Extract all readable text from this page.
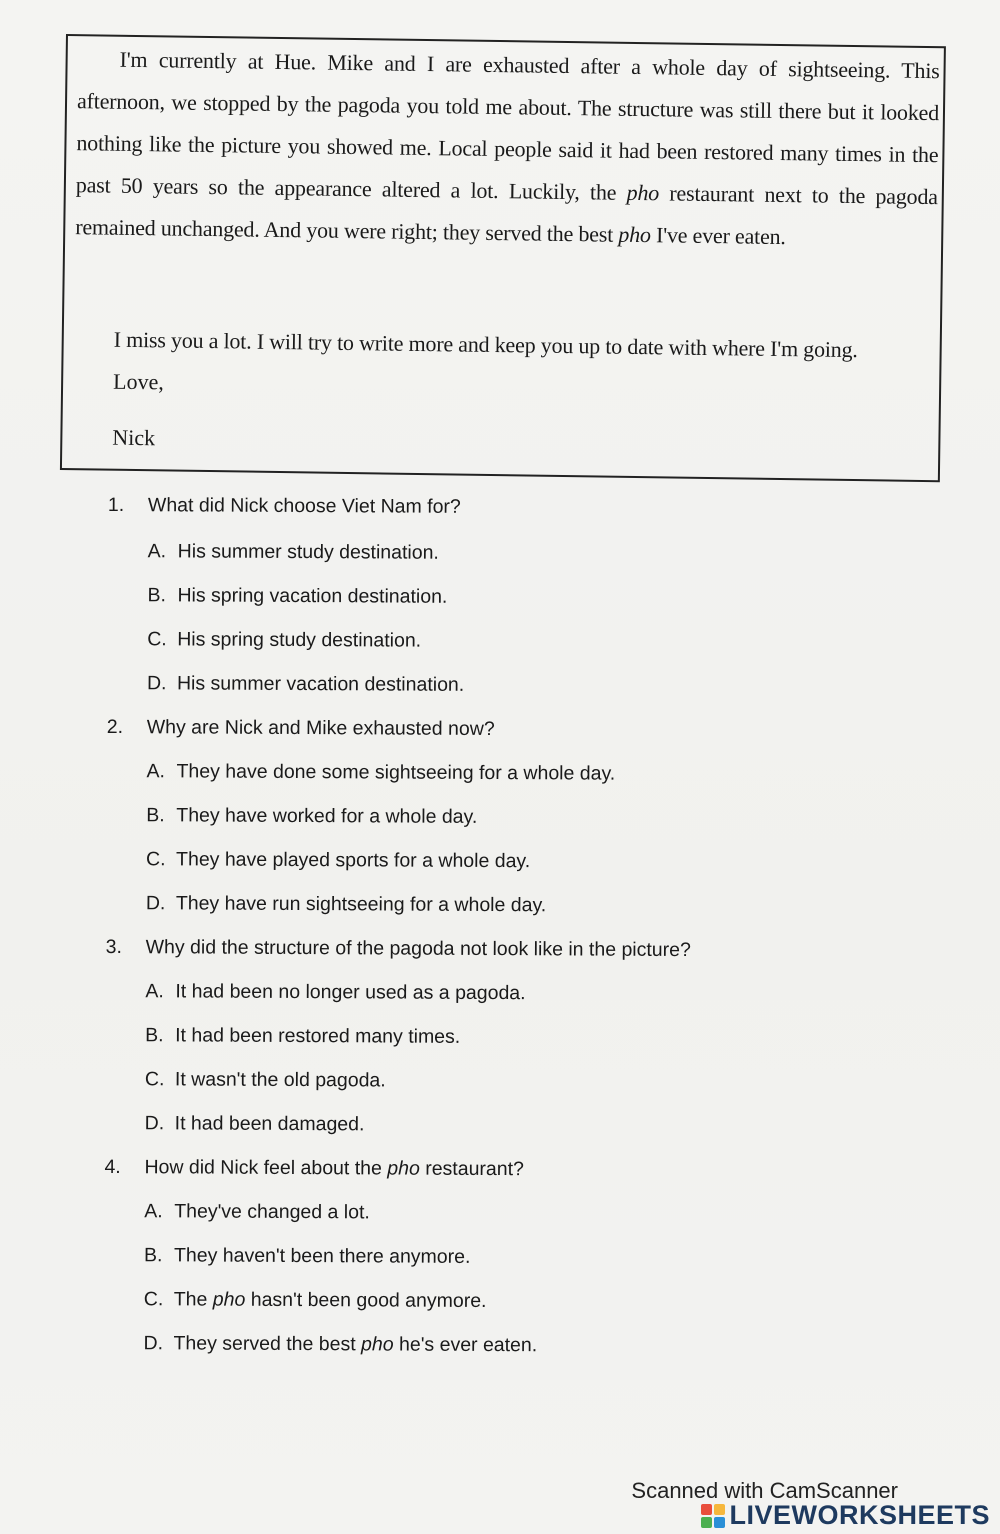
I'm currently at Hue. Mike and I are exhausted after a whole day of sightseeing. This afternoon, we stopped by the pagoda you told me about. The structure was still there but it looked nothing like the picture you showed me. Local people said it had been restored many times in the past 50 years so the appearance altered a lot. Luckily, the pho restaurant next to the pagoda remained unchanged. And you were right; they served the best pho I've ever eaten.
I miss you a lot. I will try to write more and keep you up to date with where I'm going.
Love,
Nick
1. What did Nick choose Viet Nam for?
A. His summer study destination.
B. His spring vacation destination.
C. His spring study destination.
D. His summer vacation destination.
2. Why are Nick and Mike exhausted now?
A. They have done some sightseeing for a whole day.
B. They have worked for a whole day.
C. They have played sports for a whole day.
D. They have run sightseeing for a whole day.
3. Why did the structure of the pagoda not look like in the picture?
A. It had been no longer used as a pagoda.
B. It had been restored many times.
C. It wasn't the old pagoda.
D. It had been damaged.
4. How did Nick feel about the pho restaurant?
A. They've changed a lot.
B. They haven't been there anymore.
C. The pho hasn't been good anymore.
D. They served the best pho he's ever eaten.
Scanned with CamScanner
LIVEWORKSHEETS
